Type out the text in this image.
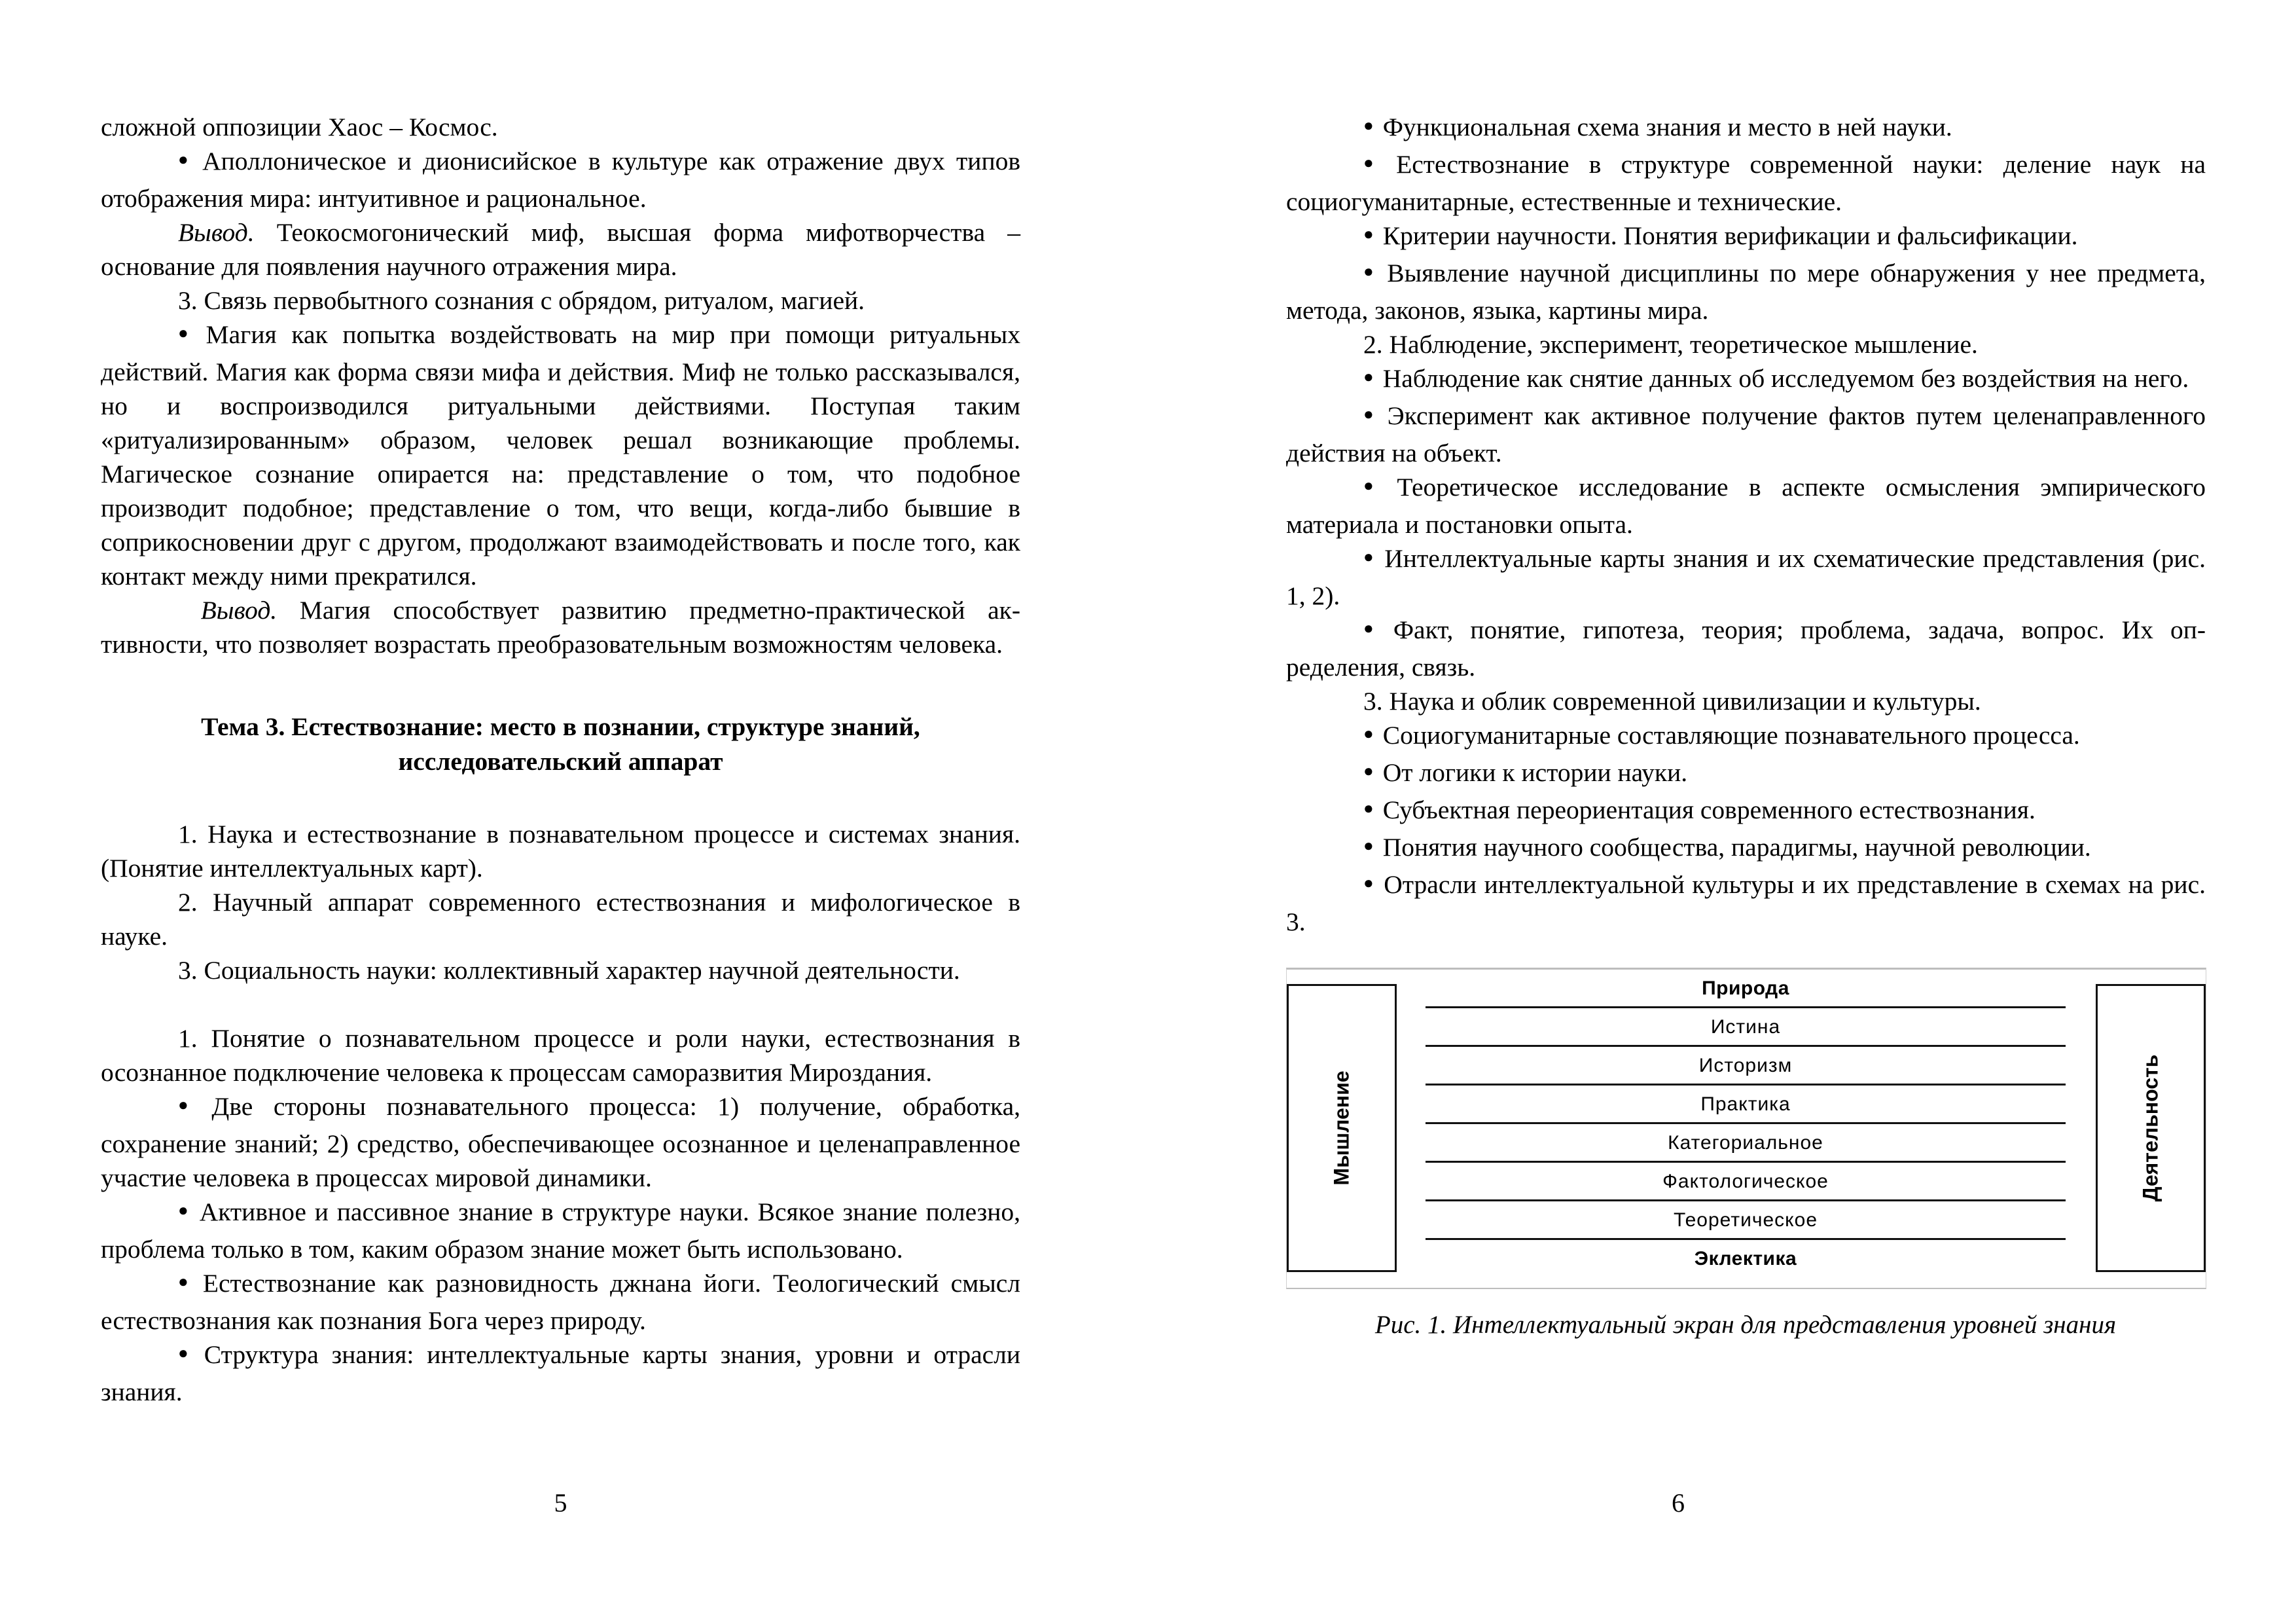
сложной оппозиции Хаос – Космос.

● Аполлоническое и дионисийское в культуре как отражение двух типов отображения мира: интуитивное и рациональное.

Вывод. Теокосмогонический миф, высшая форма мифотворчества – основание для появления научного отражения мира.

3. Связь первобытного сознания с обрядом, ритуалом, магией.

● Магия как попытка воздействовать на мир при помощи ритуальных действий. Магия как форма связи мифа и действия. Миф не только рассказывался, но и воспроизводился ритуальными действиями. Поступая таким «ритуализированным» образом, человек решал возникающие проблемы. Магическое сознание опирается на: представление о том, что подобное производит подобное; представление о том, что вещи, когда-либо бывшие в соприкосновении друг с другом, продолжают взаимодействовать и после того, как контакт между ними прекратился.

Вывод. Магия способствует развитию предметно-практической активности, что позволяет возрастать преобразовательным возможностям человека.

Тема 3. Естествознание: место в познании, структуре знаний,
исследовательский аппарат

1. Наука и естествознание в познавательном процессе и системах знания. (Понятие интеллектуальных карт).

2. Научный аппарат современного естествознания и мифологическое в науке.

3. Социальность науки: коллективный характер научной деятельности.

1. Понятие о познавательном процессе и роли науки, естествознания в осознанное подключение человека к процессам саморазвития Мироздания.

● Две стороны познавательного процесса: 1) получение, обработка, сохранение знаний; 2) средство, обеспечивающее осознанное и целенаправленное участие человека в процессах мировой динамики.

● Активное и пассивное знание в структуре науки. Всякое знание полезно, проблема только в том, каким образом знание может быть использовано.

● Естествознание как разновидность джнана йоги. Теологический смысл естествознания как познания Бога через природу.

● Структура знания: интеллектуальные карты знания, уровни и отрасли знания.

5

● Функциональная схема знания и место в ней науки.

● Естествознание в структуре современной науки: деление наук на социогуманитарные, естественные и технические.

● Критерии научности. Понятия верификации и фальсификации.

● Выявление научной дисциплины по мере обнаружения у нее предмета, метода, законов, языка, картины мира.

2. Наблюдение, эксперимент, теоретическое мышление.

● Наблюдение как снятие данных об исследуемом без воздействия на него.

● Эксперимент как активное получение фактов путем целенаправленного действия на объект.

● Теоретическое исследование в аспекте осмысления эмпирического материала и постановки опыта.

● Интеллектуальные карты знания и их схематические представления (рис. 1, 2).

● Факт, понятие, гипотеза, теория; проблема, задача, вопрос. Их определения, связь.

3. Наука и облик современной цивилизации и культуры.

● Социогуманитарные составляющие познавательного процесса.

● От логики к истории науки.

● Субъектная переориентация современного естествознания.

● Понятия научного сообщества, парадигмы, научной революции.

● Отрасли интеллектуальной культуры и их представление в схемах на рис. 3.

Мышление
Природа
Истина
Историзм
Практика
Категориальное
Фактологическое
Теоретическое
Эклектика
Деятельность
Рис. 1. Интеллектуальный экран для представления уровней знания
6
